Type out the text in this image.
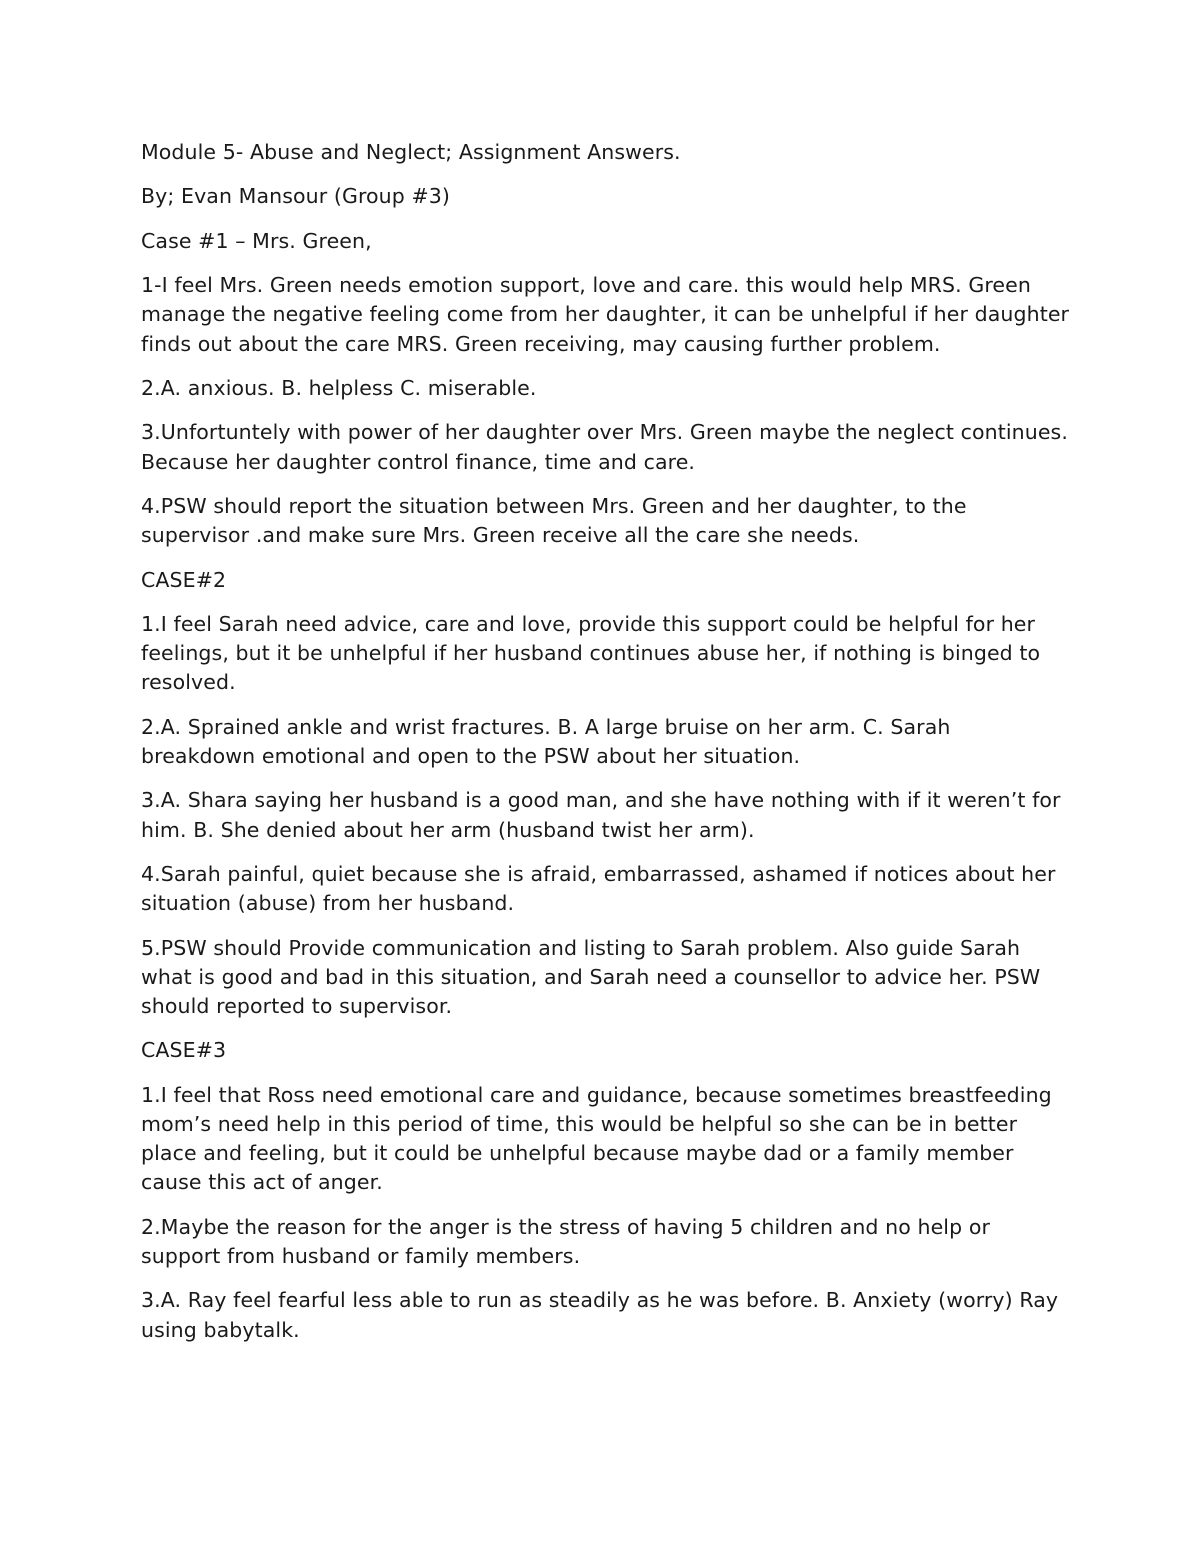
Module 5- Abuse and Neglect; Assignment Answers.

By; Evan Mansour (Group #3)

Case #1 – Mrs. Green,

1-I feel Mrs. Green needs emotion support, love and care. this would help MRS. Green manage the negative feeling come from her daughter, it can be unhelpful if her daughter finds out about the care MRS. Green receiving, may causing further problem.

2.A. anxious. B. helpless C. miserable.

3.Unfortuntely with power of her daughter over Mrs. Green maybe the neglect continues. Because her daughter control finance, time and care.

4.PSW should report the situation between Mrs. Green and her daughter, to the supervisor .and make sure Mrs. Green receive all the care she needs.

CASE#2

1.I feel Sarah need advice, care and love, provide this support could be helpful for her feelings, but it be unhelpful if her husband continues abuse her, if nothing is binged to resolved.

2.A. Sprained ankle and wrist fractures. B. A large bruise on her arm. C. Sarah breakdown emotional and open to the PSW about her situation.

3.A. Shara saying her husband is a good man, and she have nothing with if it weren’t for him. B. She denied about her arm (husband twist her arm).

4.Sarah painful, quiet because she is afraid, embarrassed, ashamed if notices about her situation (abuse) from her husband.

5.PSW should Provide communication and listing to Sarah problem. Also guide Sarah what is good and bad in this situation, and Sarah need a counsellor to advice her. PSW should reported to supervisor.

CASE#3

1.I feel that Ross need emotional care and guidance, because sometimes breastfeeding mom’s need help in this period of time, this would be helpful so she can be in better place and feeling, but it could be unhelpful because maybe dad or a family member cause this act of anger.

2.Maybe the reason for the anger is the stress of having 5 children and no help or support from husband or family members.

3.A. Ray feel fearful less able to run as steadily as he was before. B. Anxiety (worry) Ray using babytalk.
